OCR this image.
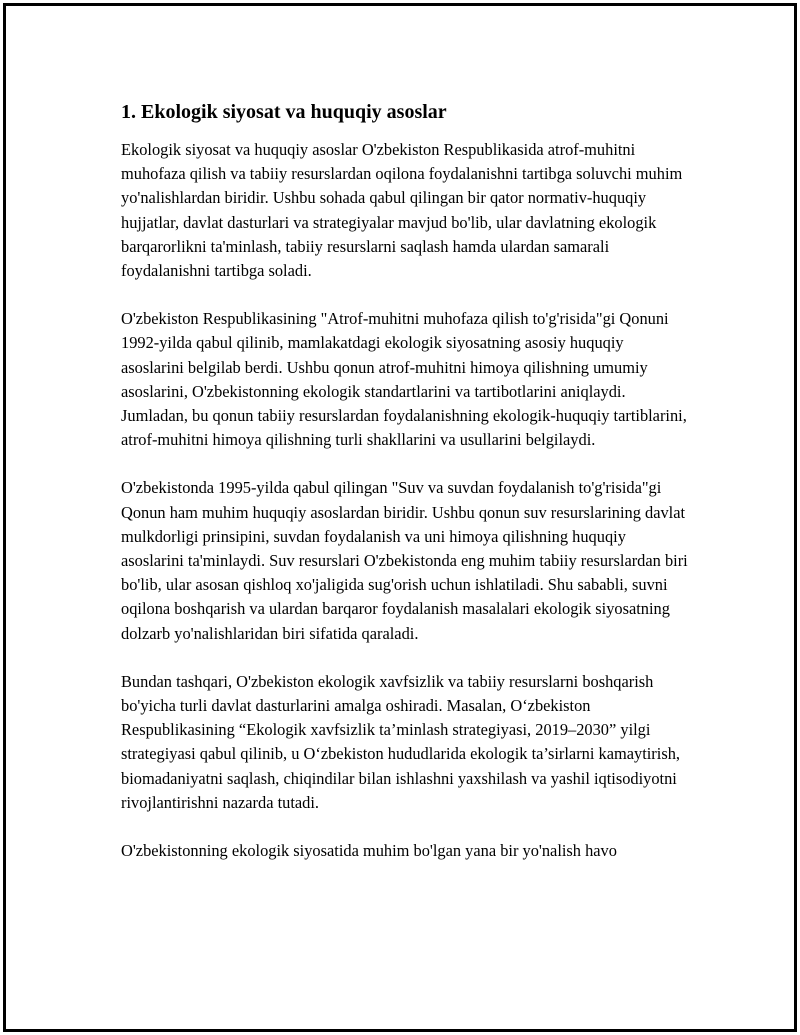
1. Ekologik siyosat va huquqiy asoslar

Ekologik siyosat va huquqiy asoslar O'zbekiston Respublikasida atrof-muhitni muhofaza qilish va tabiiy resurslardan oqilona foydalanishni tartibga soluvchi muhim yo'nalishlardan biridir. Ushbu sohada qabul qilingan bir qator normativ-huquqiy hujjatlar, davlat dasturlari va strategiyalar mavjud bo'lib, ular davlatning ekologik barqarorlikni ta'minlash, tabiiy resurslarni saqlash hamda ulardan samarali foydalanishni tartibga soladi.

O'zbekiston Respublikasining "Atrof-muhitni muhofaza qilish to'g'risida"gi Qonuni 1992-yilda qabul qilinib, mamlakatdagi ekologik siyosatning asosiy huquqiy asoslarini belgilab berdi. Ushbu qonun atrof-muhitni himoya qilishning umumiy asoslarini, O'zbekistonning ekologik standartlarini va tartibotlarini aniqlaydi. Jumladan, bu qonun tabiiy resurslardan foydalanishning ekologik-huquqiy tartiblarini, atrof-muhitni himoya qilishning turli shakllarini va usullarini belgilaydi.

O'zbekistonda 1995-yilda qabul qilingan "Suv va suvdan foydalanish to'g'risida"gi Qonun ham muhim huquqiy asoslardan biridir. Ushbu qonun suv resurslarining davlat mulkdorligi prinsipini, suvdan foydalanish va uni himoya qilishning huquqiy asoslarini ta'minlaydi. Suv resurslari O'zbekistonda eng muhim tabiiy resurslardan biri bo'lib, ular asosan qishloq xo'jaligida sug'orish uchun ishlatiladi. Shu sababli, suvni oqilona boshqarish va ulardan barqaror foydalanish masalalari ekologik siyosatning dolzarb yo'nalishlaridan biri sifatida qaraladi.

Bundan tashqari, O'zbekiston ekologik xavfsizlik va tabiiy resurslarni boshqarish bo'yicha turli davlat dasturlarini amalga oshiradi. Masalan, O‘zbekiston Respublikasining “Ekologik xavfsizlik ta’minlash strategiyasi, 2019–2030” yilgi strategiyasi qabul qilinib, u O‘zbekiston hududlarida ekologik ta’sirlarni kamaytirish, biomadaniyatni saqlash, chiqindilar bilan ishlashni yaxshilash va yashil iqtisodiyotni rivojlantirishni nazarda tutadi.

O'zbekistonning ekologik siyosatida muhim bo'lgan yana bir yo'nalish havo
